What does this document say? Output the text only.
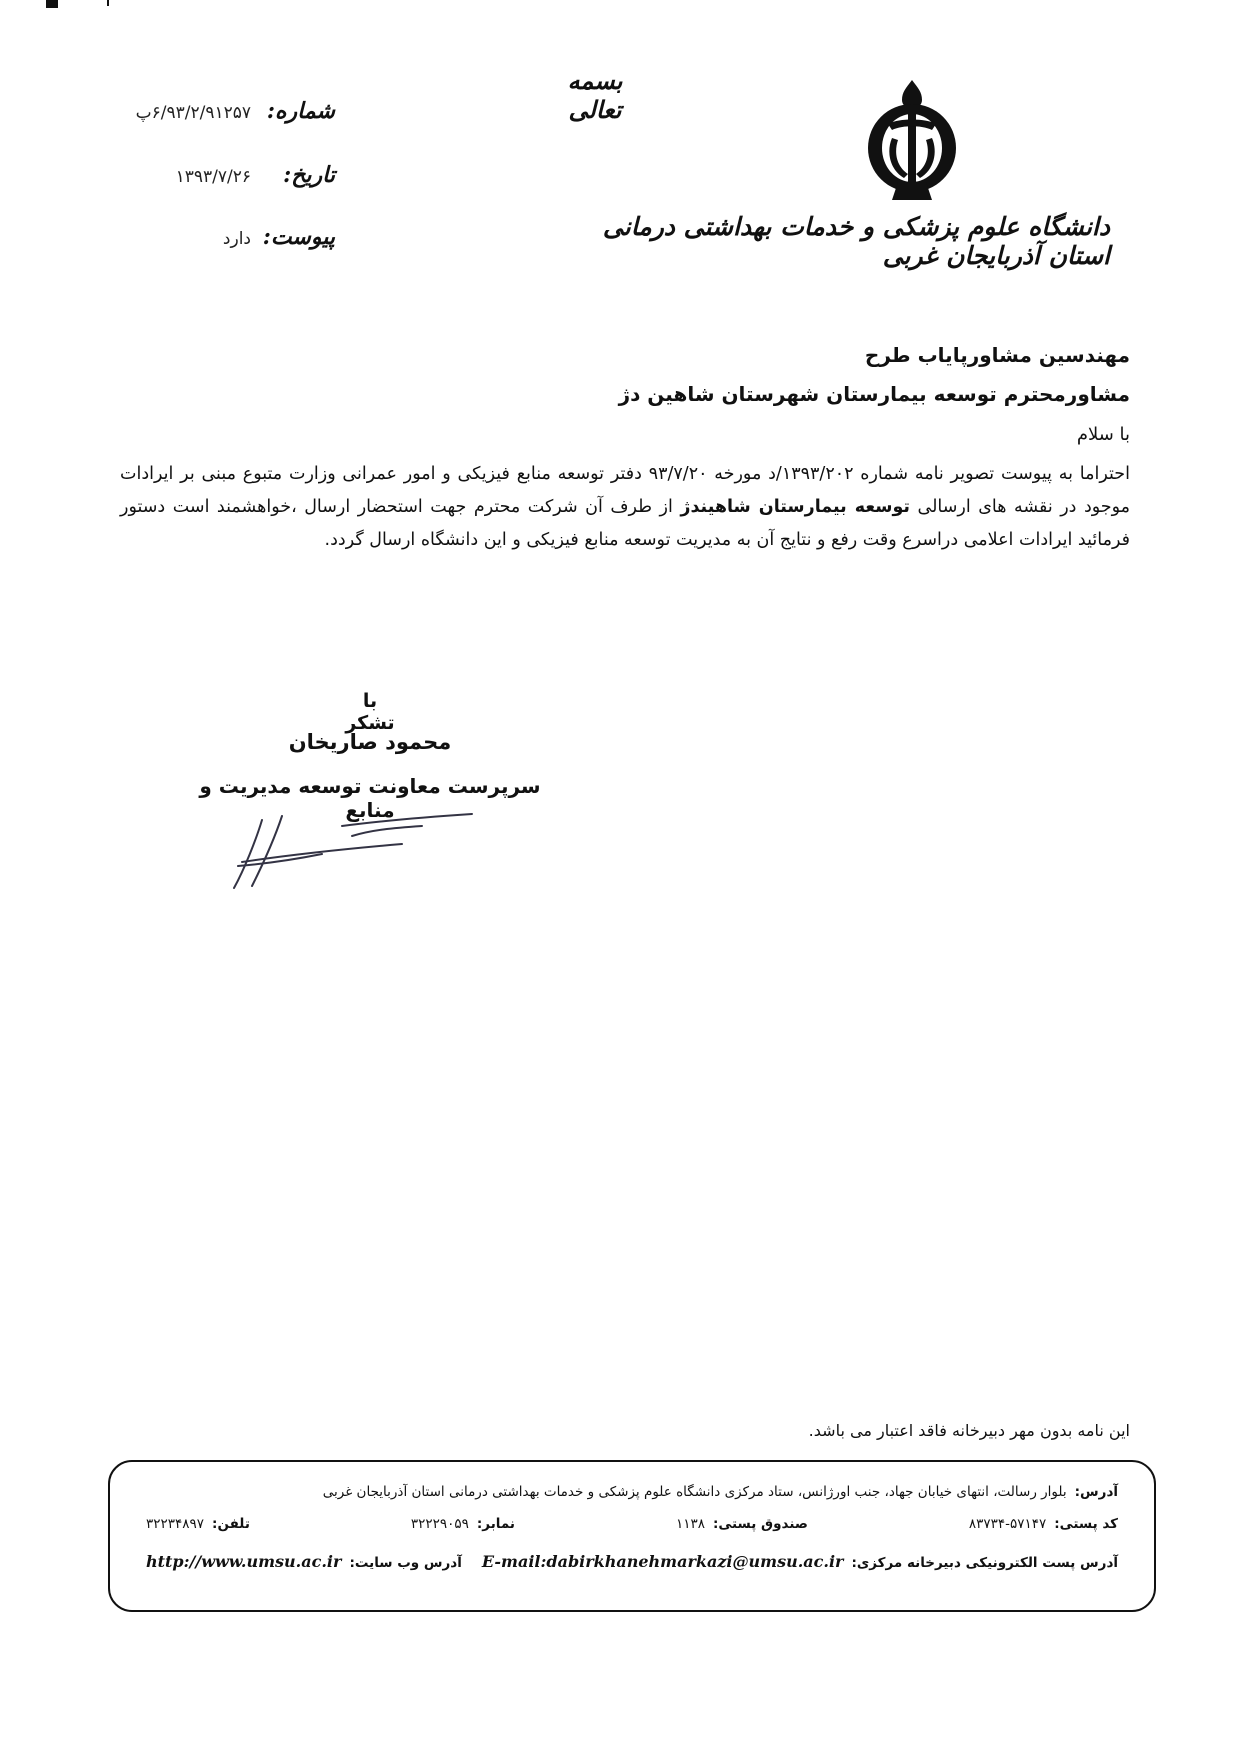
بسمه تعالی
دانشگاه علوم پزشکی و خدمات بهداشتی درمانی استان آذربایجان غربی
شماره:
۶/۹۳/۲/۹۱۲۵۷پ
تاریخ:
۱۳۹۳/۷/۲۶
پیوست:
دارد
مهندسین مشاورپایاب طرح
مشاورمحترم توسعه بیمارستان شهرستان شاهین دژ
با سلام
احتراما به پیوست تصویر نامه شماره ۱۳۹۳/۲۰۲/د مورخه ۹۳/۷/۲۰ دفتر توسعه منابع فیزیکی و امور عمرانی وزارت متبوع مبنی بر ایرادات موجود در نقشه های ارسالی توسعه بیمارستان شاهیندژ از طرف آن شرکت محترم جهت استحضار ارسال ،خواهشمند است دستور فرمائید ایرادات اعلامی دراسرع وقت رفع و نتایج آن به مدیریت توسعه منابع فیزیکی و این دانشگاه ارسال گردد.
با تشکر
محمود صاریخان
سرپرست معاونت توسعه مدیریت و منابع
این نامه بدون مهر دبیرخانه فاقد اعتبار می باشد.
آدرس:
بلوار رسالت، انتهای خیابان جهاد، جنب اورژانس، ستاد مرکزی دانشگاه علوم پزشکی و خدمات بهداشتی درمانی استان آذربایجان غربی
کد پستی:
۸۳۷۳۴-۵۷۱۴۷
صندوق پستی:
۱۱۳۸
نمابر:
۳۲۲۲۹۰۵۹
تلفن:
۳۲۲۳۴۸۹۷
آدرس پست الکترونیکی دبیرخانه مرکزی:
E-mail:dabirkhanehmarkazi@umsu.ac.ir
آدرس وب سایت:
http://www.umsu.ac.ir
